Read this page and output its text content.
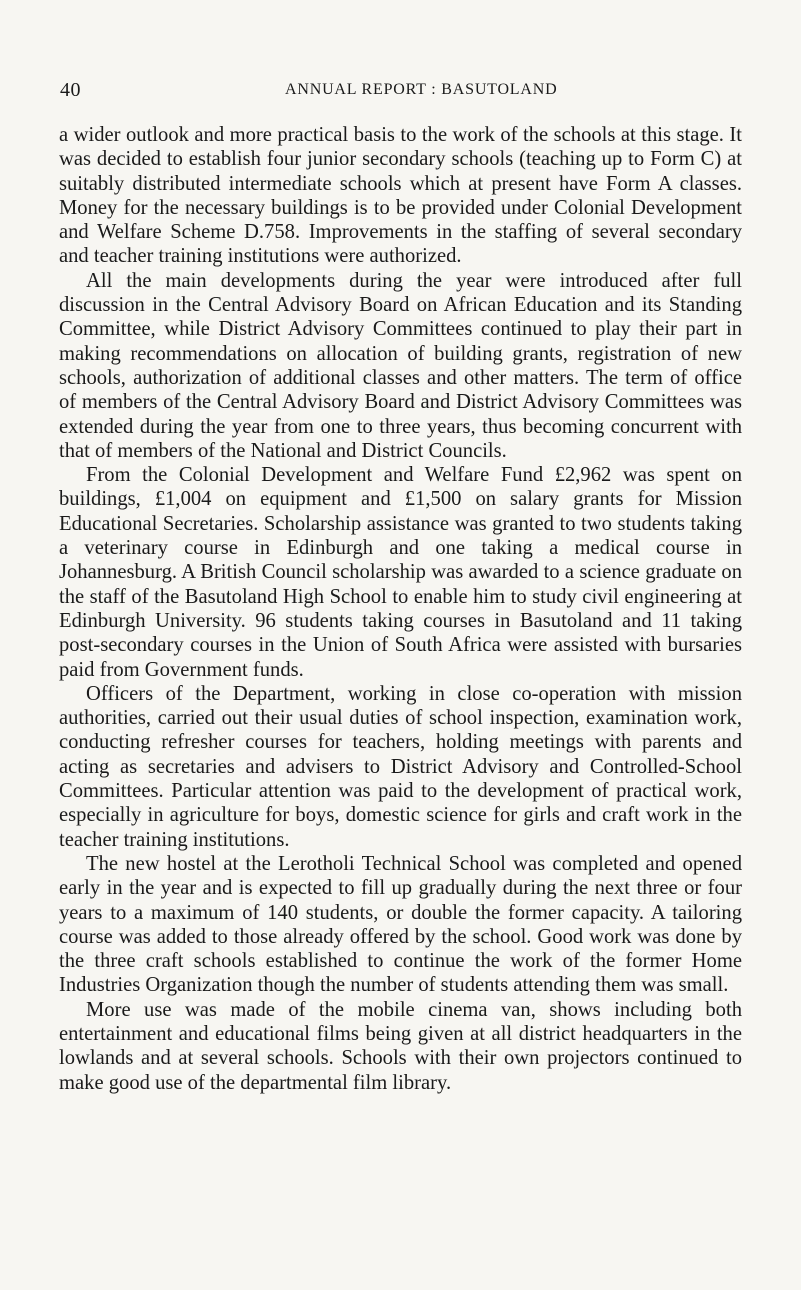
40	ANNUAL REPORT : BASUTOLAND

a wider outlook and more practical basis to the work of the schools at this stage. It was decided to establish four junior secondary schools (teaching up to Form C) at suitably distributed intermediate schools which at present have Form A classes. Money for the necessary buildings is to be provided under Colonial Development and Welfare Scheme D.758. Improvements in the staffing of several secondary and teacher training institutions were authorized.

All the main developments during the year were introduced after full discussion in the Central Advisory Board on African Education and its Standing Committee, while District Advisory Committees continued to play their part in making recommendations on allocation of building grants, registration of new schools, authorization of additional classes and other matters. The term of office of members of the Central Advisory Board and District Advisory Committees was extended during the year from one to three years, thus becoming concurrent with that of members of the National and District Councils.

From the Colonial Development and Welfare Fund £2,962 was spent on buildings, £1,004 on equipment and £1,500 on salary grants for Mission Educational Secretaries. Scholarship assistance was granted to two students taking a veterinary course in Edinburgh and one taking a medical course in Johannesburg. A British Council scholarship was awarded to a science graduate on the staff of the Basutoland High School to enable him to study civil engineering at Edinburgh University. 96 students taking courses in Basutoland and 11 taking post-secondary courses in the Union of South Africa were assisted with bursaries paid from Government funds.

Officers of the Department, working in close co-operation with mission authorities, carried out their usual duties of school inspection, examination work, conducting refresher courses for teachers, holding meetings with parents and acting as secretaries and advisers to District Advisory and Controlled-School Committees. Particular attention was paid to the development of practical work, especially in agriculture for boys, domestic science for girls and craft work in the teacher training institutions.

The new hostel at the Lerotholi Technical School was completed and opened early in the year and is expected to fill up gradually during the next three or four years to a maximum of 140 students, or double the former capacity. A tailoring course was added to those already offered by the school. Good work was done by the three craft schools established to continue the work of the former Home Industries Organization though the number of students attending them was small.

More use was made of the mobile cinema van, shows including both entertainment and educational films being given at all district headquarters in the lowlands and at several schools. Schools with their own projectors continued to make good use of the departmental film library.
